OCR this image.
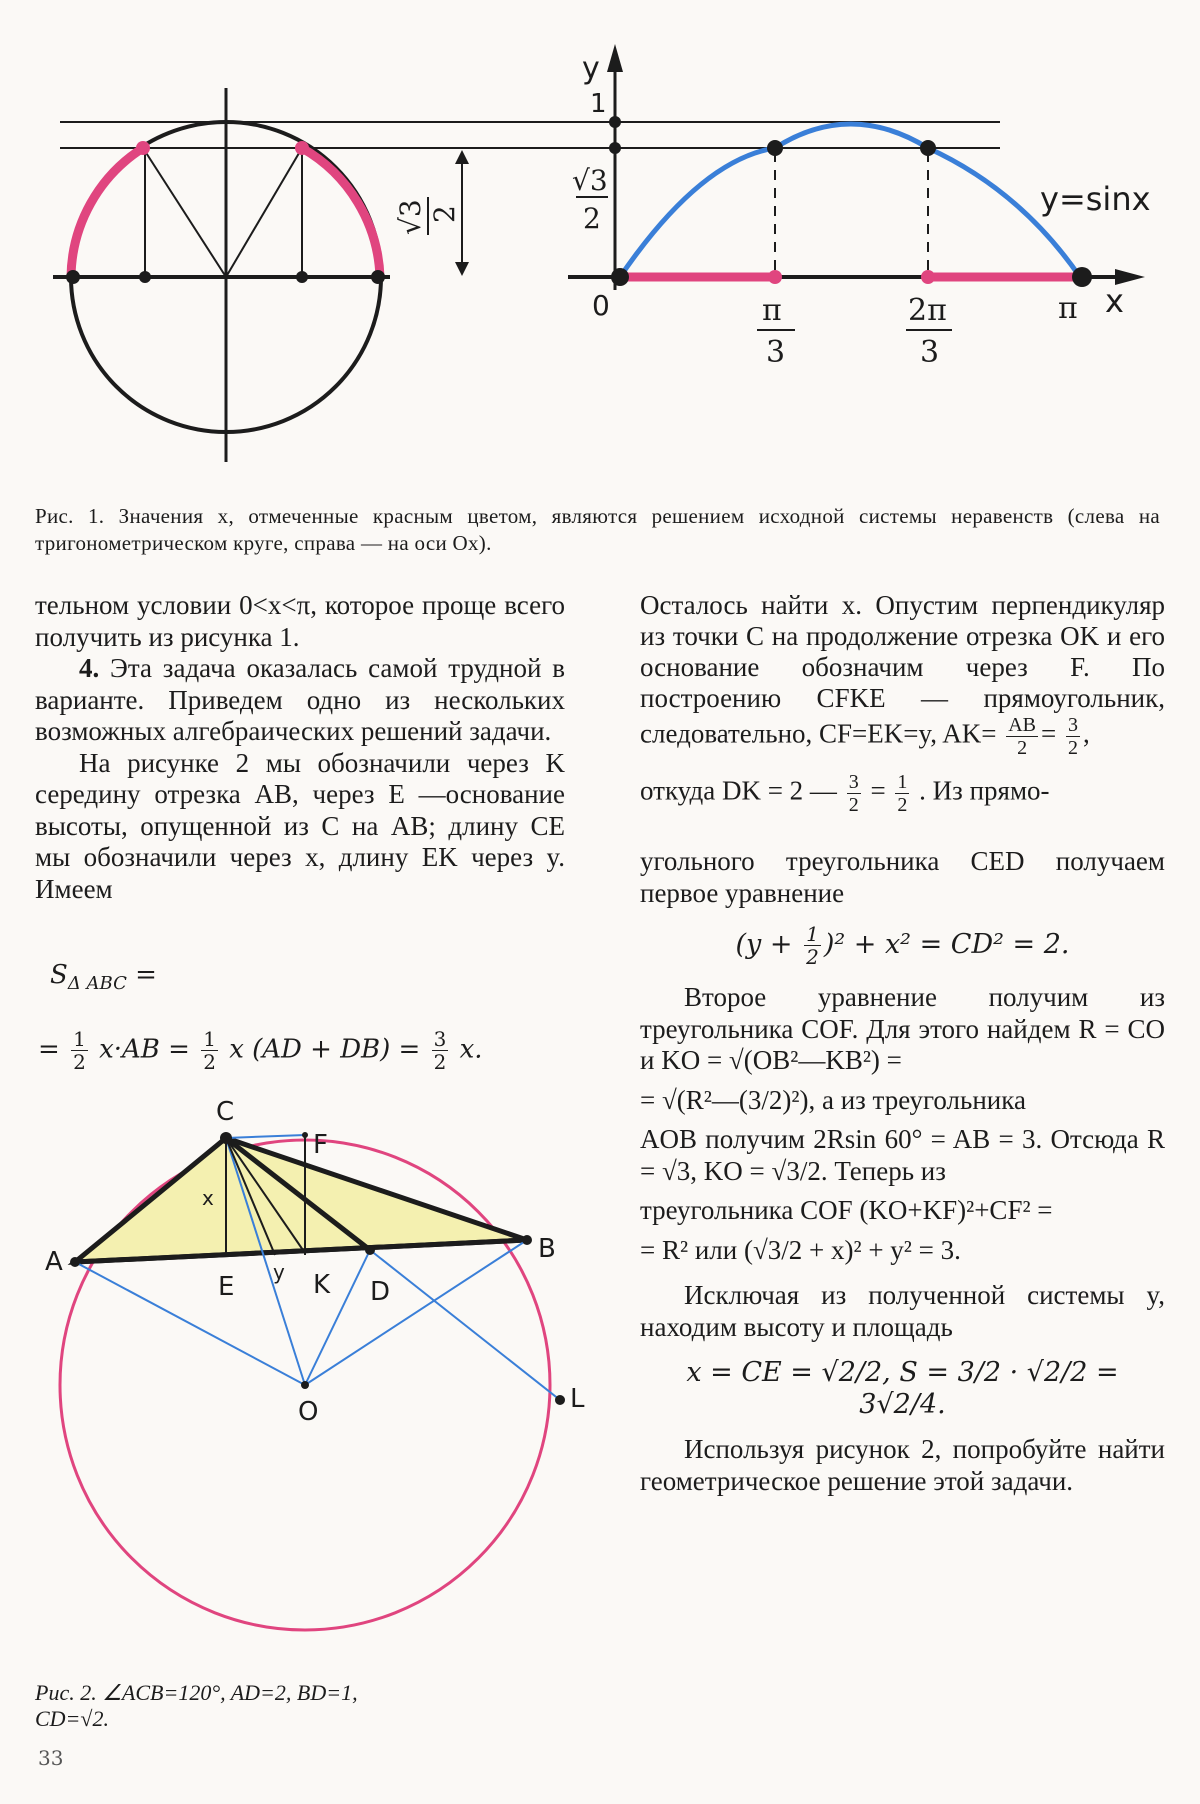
√3 2
y
1
√3
2
0
y=sinx
x
π
3
2π
3
π
Рис. 1. Значения x, отмеченные красным цветом, являются решением исходной системы неравенств (слева на тригонометрическом круге, справа — на оси Ox).

тельном условии 0<x<π, которое проще всего получить из рисунка 1.

4. Эта задача оказалась самой трудной в варианте. Приведем одно из нескольких возможных алгебраических решений задачи.

На рисунке 2 мы обозначили через K середину отрезка AB, через E —основание высоты, опущенной из C на AB; длину CE мы обозначили через x, длину EK через y. Имеем

$S_{\Delta ABC}$ =
= $\frac{1}{2} x\cdot AB = \frac{1}{2}$ x $(AD + DB) = \frac{3}{2} x$.
C
F
A	B
E	K D
O	L
x
y
Рис. 2. ∠ACB=120°, AD=2, BD=1,
CD=√2.

Осталось найти x. Опустим перпендикуляр из точки C на продолжение отрезка OK и его основание обозначим через F. По построению CFKE — прямоугольник, следовательно, CF=EK=y, $AK= \frac{AB}{2} = \frac{3}{2}$ ,

откуда DK = 2 — $\frac{3}{2} = \frac{1}{2}$ . Из прямо-

угольного треугольника CED получаем первое уравнение

$(y + \frac{1}{2} )^2 + x^2 = CD^2 = 2$.

Второе уравнение получим из треугольника COF. Для этого найдем R = CO и KO = √(OB²—KB²) =

= √(R²—(3/2)²), а из треугольника

AOB получим 2Rsin 60° = AB = 3. Отсюда R = √3, KO = √3/2. Теперь из

треугольника COF (KO+KF)²+CF² =

= R² или (√3/2 + x)² + y² = 3.

Исключая из полученной системы y, находим высоту и площадь

x = CE = √2/2, S = 3/2 · √2/2 = 3√2/4.

Используя рисунок 2, попробуйте найти геометрическое решение этой задачи.

33
